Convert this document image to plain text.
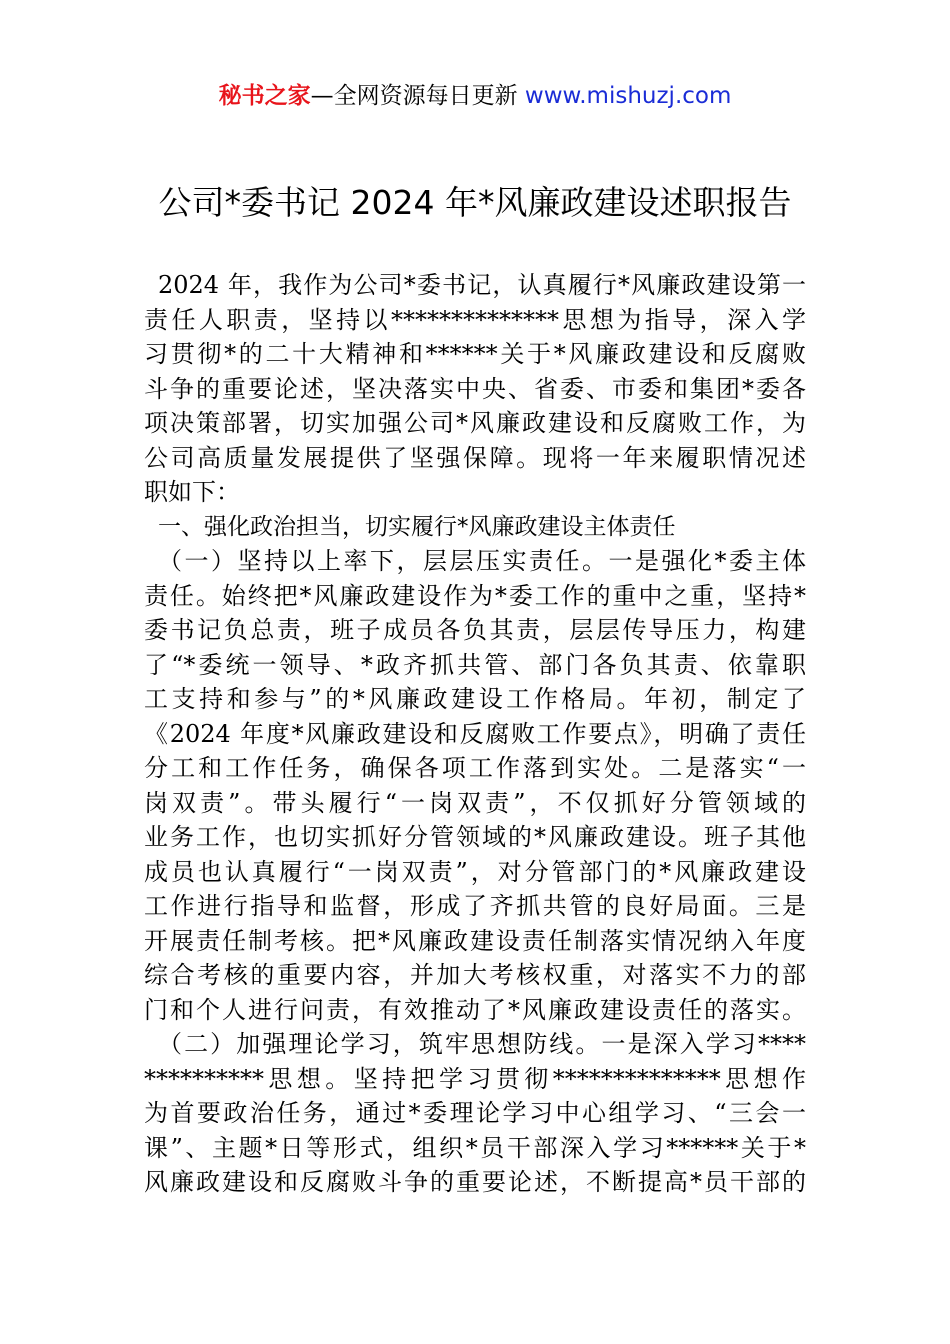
秘书之家—全网资源每日更新 www.mishuzj.com
公司*委书记 2024 年*风廉政建设述职报告
2024 年，我作为公司*委书记，认真履行*风廉政建设第一
责任人职责，坚持以**************思想为指导，深入学
习贯彻*的二十大精神和******关于*风廉政建设和反腐败
斗争的重要论述，坚决落实中央、省委、市委和集团*委各
项决策部署，切实加强公司*风廉政建设和反腐败工作，为
公司高质量发展提供了坚强保障。现将一年来履职情况述
职如下：
一、强化政治担当，切实履行*风廉政建设主体责任
（一）坚持以上率下，层层压实责任。一是强化*委主体
责任。始终把*风廉政建设作为*委工作的重中之重，坚持*
委书记负总责，班子成员各负其责，层层传导压力，构建
了“*委统一领导、*政齐抓共管、部门各负其责、依靠职
工支持和参与”的*风廉政建设工作格局。年初，制定了
《2024 年度*风廉政建设和反腐败工作要点》，明确了责任
分工和工作任务，确保各项工作落到实处。二是落实“一
岗双责”。带头履行“一岗双责”，不仅抓好分管领域的
业务工作，也切实抓好分管领域的*风廉政建设。班子其他
成员也认真履行“一岗双责”，对分管部门的*风廉政建设
工作进行指导和监督，形成了齐抓共管的良好局面。三是
开展责任制考核。把*风廉政建设责任制落实情况纳入年度
综合考核的重要内容，并加大考核权重，对落实不力的部
门和个人进行问责，有效推动了*风廉政建设责任的落实。
（二）加强理论学习，筑牢思想防线。一是深入学习****
**********思想。坚持把学习贯彻**************思想作
为首要政治任务，通过*委理论学习中心组学习、“三会一
课”、主题*日等形式，组织*员干部深入学习******关于*
风廉政建设和反腐败斗争的重要论述，不断提高*员干部的
